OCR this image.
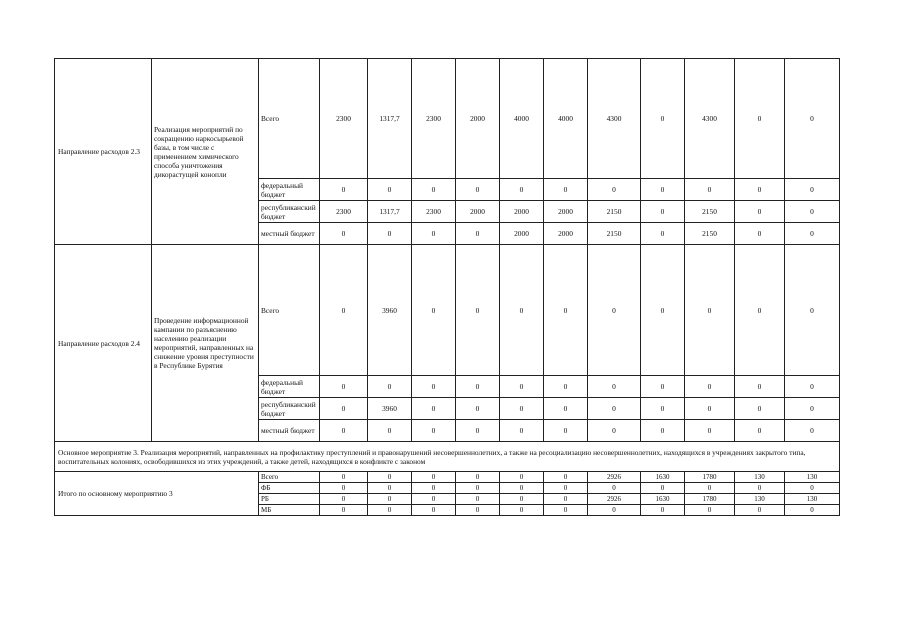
Направление расходов 2.3	Реализация мероприятий по сокращению наркосырьевой базы, в том числе с применением химического способа уничтожения дикорастущей конопли	Всего	2300	1317,7	2300	2000	4000	4000	4300	0	4300	0	0
		федеральный бюджет	0	0	0	0	0	0	0	0	0	0	0
		республиканский бюджет	2300	1317,7	2300	2000	2000	2000	2150	0	2150	0	0
		местный бюджет	0	0	0	0	2000	2000	2150	0	2150	0	0
Направление расходов 2.4	Проведение информационной кампании по разъяснению населению реализации мероприятий, направленных на снижение уровня преступности в Республике Бурятия	Всего	0	3960	0	0	0	0	0	0	0	0	0
		федеральный бюджет	0	0	0	0	0	0	0	0	0	0	0
		республиканский бюджет	0	3960	0	0	0	0	0	0	0	0	0
		местный бюджет	0	0	0	0	0	0	0	0	0	0	0
Основное мероприятие 3. Реализация мероприятий, направленных на профилактику преступлений и правонарушений несовершеннолетних, а также на ресоциализацию несовершеннолетних, находящихся в учреждениях закрытого типа, воспитательных колониях, освободившихся из этих учреждений, а также детей, находящихся в конфликте с законом													
Итого по основному мероприятию 3		Всего	0	0	0	0	0	0	2926	1630	1780	130	130
		ФБ	0	0	0	0	0	0	0	0	0	0	0
		РБ	0	0	0	0	0	0	2926	1630	1780	130	130
		МБ	0	0	0	0	0	0	0	0	0	0	0
